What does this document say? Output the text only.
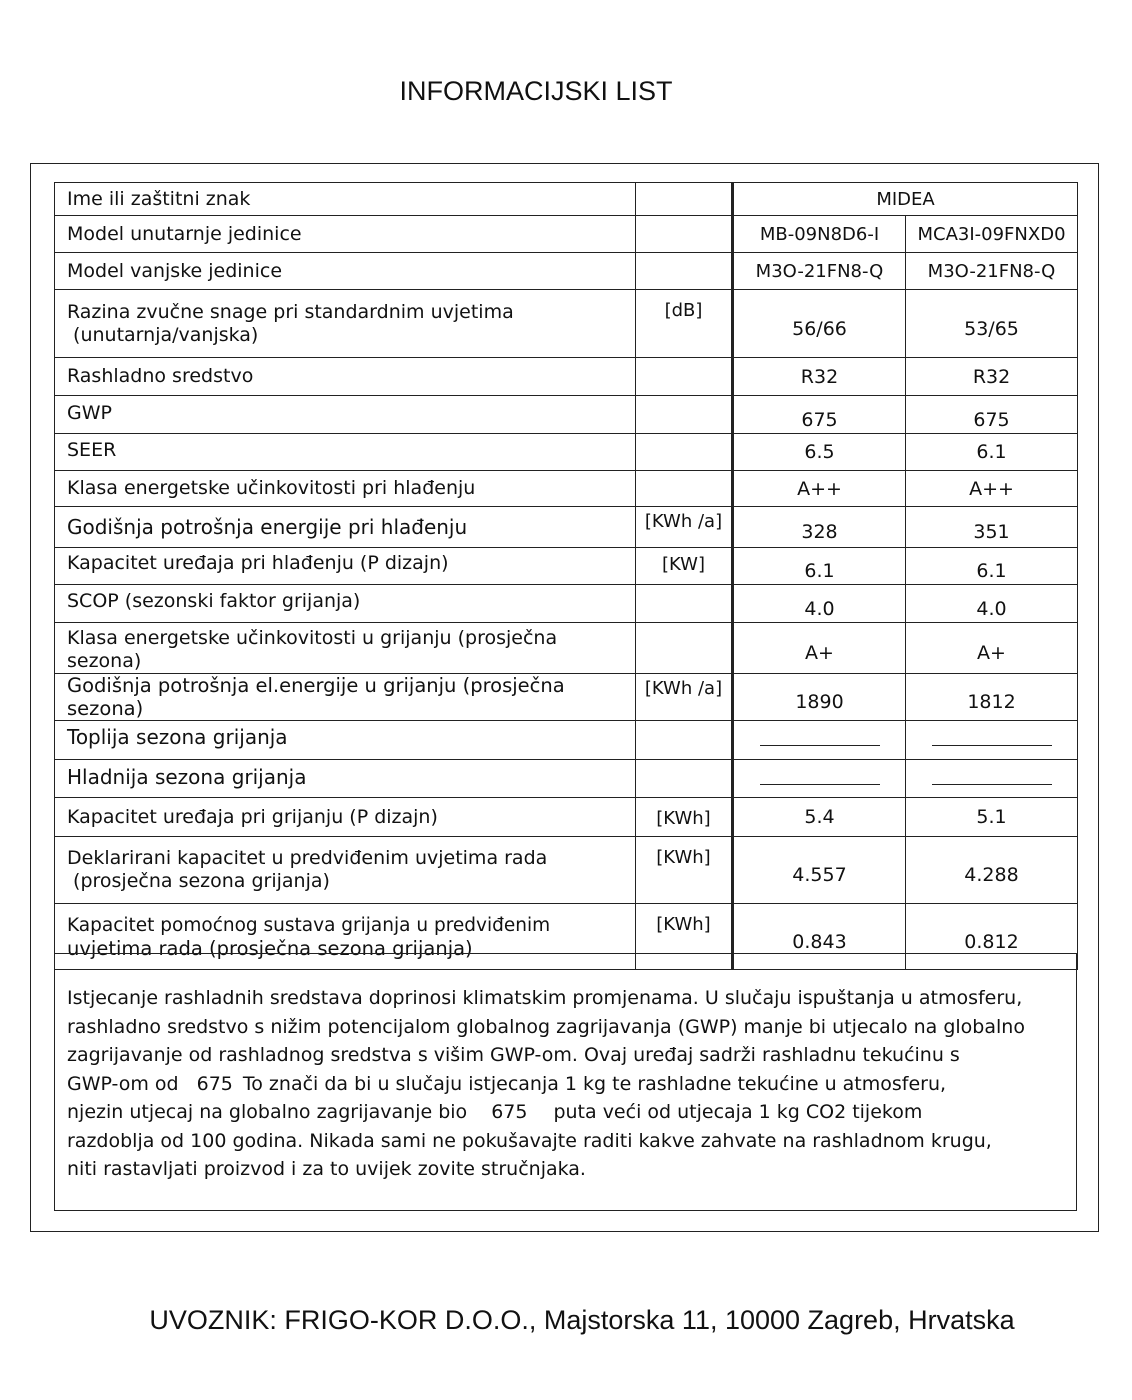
INFORMACIJSKI LIST
Ime ili zaštitni znak		MIDEA	
Model unutarnje jedinice		MB-09N8D6-I	MCA3I-09FNXD0
Model vanjske jedinice		M3O-21FN8-Q	M3O-21FN8-Q

Razina zvučne snage pri standardnim uvjetima
(unutarnja/vanjska)	[dB]	56/66	53/65
Rashladno sredstvo		R32	R32
GWP		675	675
SEER		6.5	6.1
Klasa energetske učinkovitosti pri hlađenju		A++	A++
Godišnja potrošnja energije pri hlađenju	[KWh /a]	328	351
Kapacitet uređaja pri hlađenju (P dizajn)	[KW]	6.1	6.1
SCOP (sezonski faktor grijanja)		4.0	4.0
Klasa energetske učinkovitosti u grijanju (prosječna sezona)		A+	A+
Godišnja potrošnja el.energije u grijanju (prosječna sezona)	[KWh /a]	1890	1812
Toplija sezona grijanja			
Hladnija sezona grijanja			
Kapacitet uređaja pri grijanju (P dizajn)	[KWh]	5.4	5.1

Deklarirani kapacitet u predviđenim uvjetima rada
(prosječna sezona grijanja)	[KWh]	4.557	4.288

Kapacitet pomoćnog sustava grijanja u predviđenim
uvjetima rada (prosječna sezona grijanja)	[KWh]	0.843	0.812

Istjecanje rashladnih sredstava doprinosi klimatskim promjenama. U slučaju ispuštanja u atmosferu,

rashladno sredstvo s nižim potencijalom globalnog zagrijavanja (GWP) manje bi utjecalo na globalno

zagrijavanje od rashladnog sredstva s višim GWP-om. Ovaj uređaj sadrži rashladnu tekućinu s

GWP-om od 675 To znači da bi u slučaju istjecanja 1 kg te rashladne tekućine u atmosferu,

njezin utjecaj na globalno zagrijavanje bio 675 puta veći od utjecaja 1 kg CO2 tijekom

razdoblja od 100 godina. Nikada sami ne pokušavajte raditi kakve zahvate na rashladnom krugu,

niti rastavljati proizvod i za to uvijek zovite stručnjaka.

UVOZNIK: FRIGO-KOR D.O.O., Majstorska 11, 10000 Zagreb, Hrvatska
